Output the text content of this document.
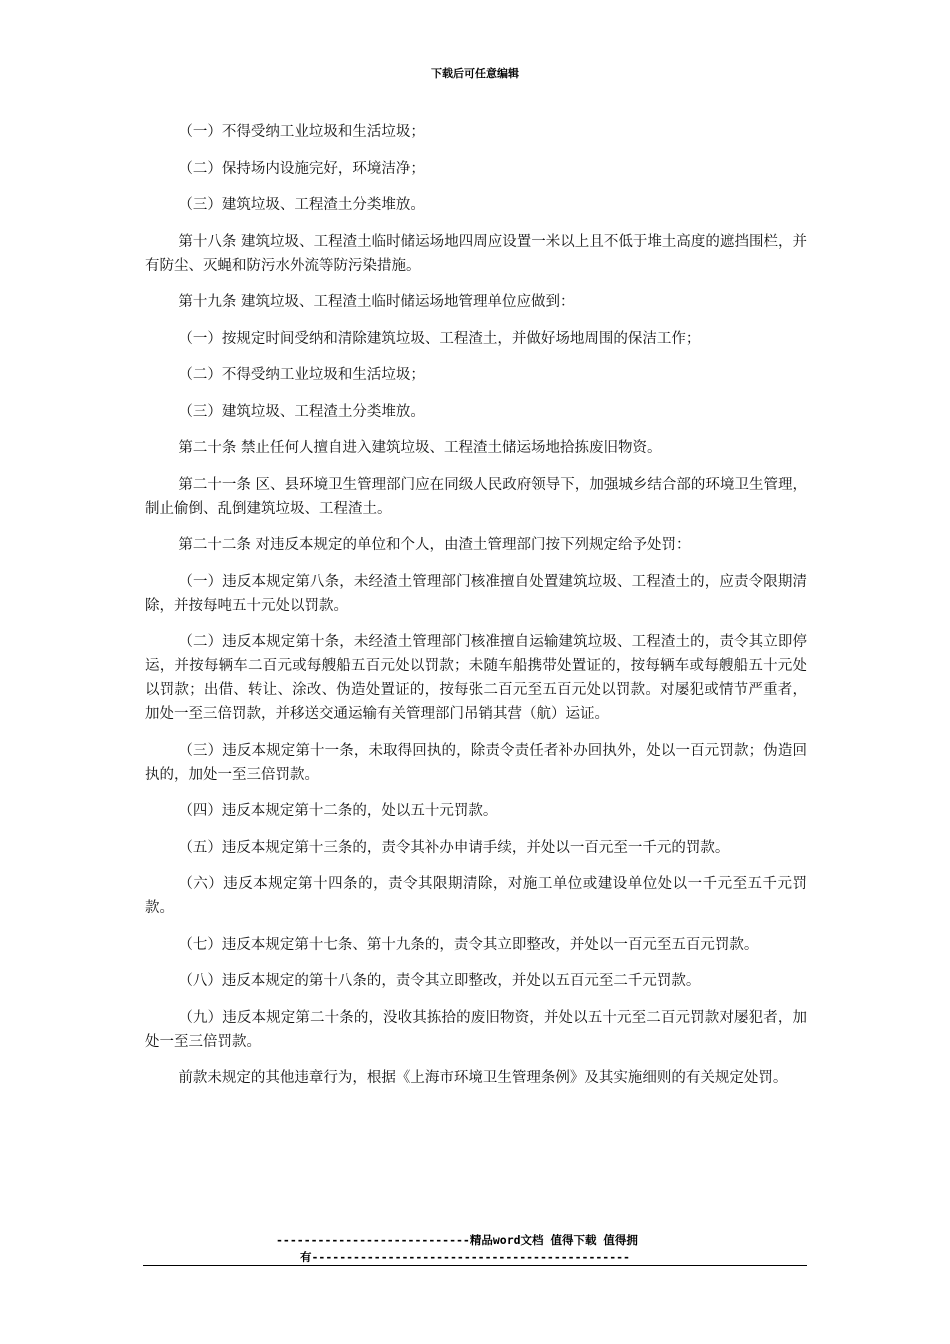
下载后可任意编辑

（一）不得受纳工业垃圾和生活垃圾；

（二）保持场内设施完好，环境洁净；

（三）建筑垃圾、工程渣土分类堆放。

第十八条 建筑垃圾、工程渣土临时储运场地四周应设置一米以上且不低于堆土高度的遮挡围栏，并有防尘、灭蝇和防污水外流等防污染措施。

第十九条 建筑垃圾、工程渣土临时储运场地管理单位应做到：

（一）按规定时间受纳和清除建筑垃圾、工程渣土，并做好场地周围的保洁工作；

（二）不得受纳工业垃圾和生活垃圾；

（三）建筑垃圾、工程渣土分类堆放。

第二十条 禁止任何人擅自进入建筑垃圾、工程渣土储运场地拾拣废旧物资。

第二十一条 区、县环境卫生管理部门应在同级人民政府领导下，加强城乡结合部的环境卫生管理，制止偷倒、乱倒建筑垃圾、工程渣土。

第二十二条 对违反本规定的单位和个人，由渣土管理部门按下列规定给予处罚：

（一）违反本规定第八条，未经渣土管理部门核准擅自处置建筑垃圾、工程渣土的，应责令限期清除，并按每吨五十元处以罚款。

（二）违反本规定第十条，未经渣土管理部门核准擅自运输建筑垃圾、工程渣土的，责令其立即停运，并按每辆车二百元或每艘船五百元处以罚款；未随车船携带处置证的，按每辆车或每艘船五十元处以罚款；出借、转让、涂改、伪造处置证的，按每张二百元至五百元处以罚款。对屡犯或情节严重者，加处一至三倍罚款，并移送交通运输有关管理部门吊销其营（航）运证。

（三）违反本规定第十一条，未取得回执的，除责令责任者补办回执外，处以一百元罚款；伪造回执的，加处一至三倍罚款。

（四）违反本规定第十二条的，处以五十元罚款。

（五）违反本规定第十三条的，责令其补办申请手续，并处以一百元至一千元的罚款。

（六）违反本规定第十四条的，责令其限期清除，对施工单位或建设单位处以一千元至五千元罚款。

（七）违反本规定第十七条、第十九条的，责令其立即整改，并处以一百元至五百元罚款。

（八）违反本规定的第十八条的，责令其立即整改，并处以五百元至二千元罚款。

（九）违反本规定第二十条的，没收其拣拾的废旧物资，并处以五十元至二百元罚款对屡犯者，加处一至三倍罚款。

前款未规定的其他违章行为，根据《上海市环境卫生管理条例》及其实施细则的有关规定处罚。

----------------------------精品word文档 值得下载 值得拥
有----------------------------------------------
